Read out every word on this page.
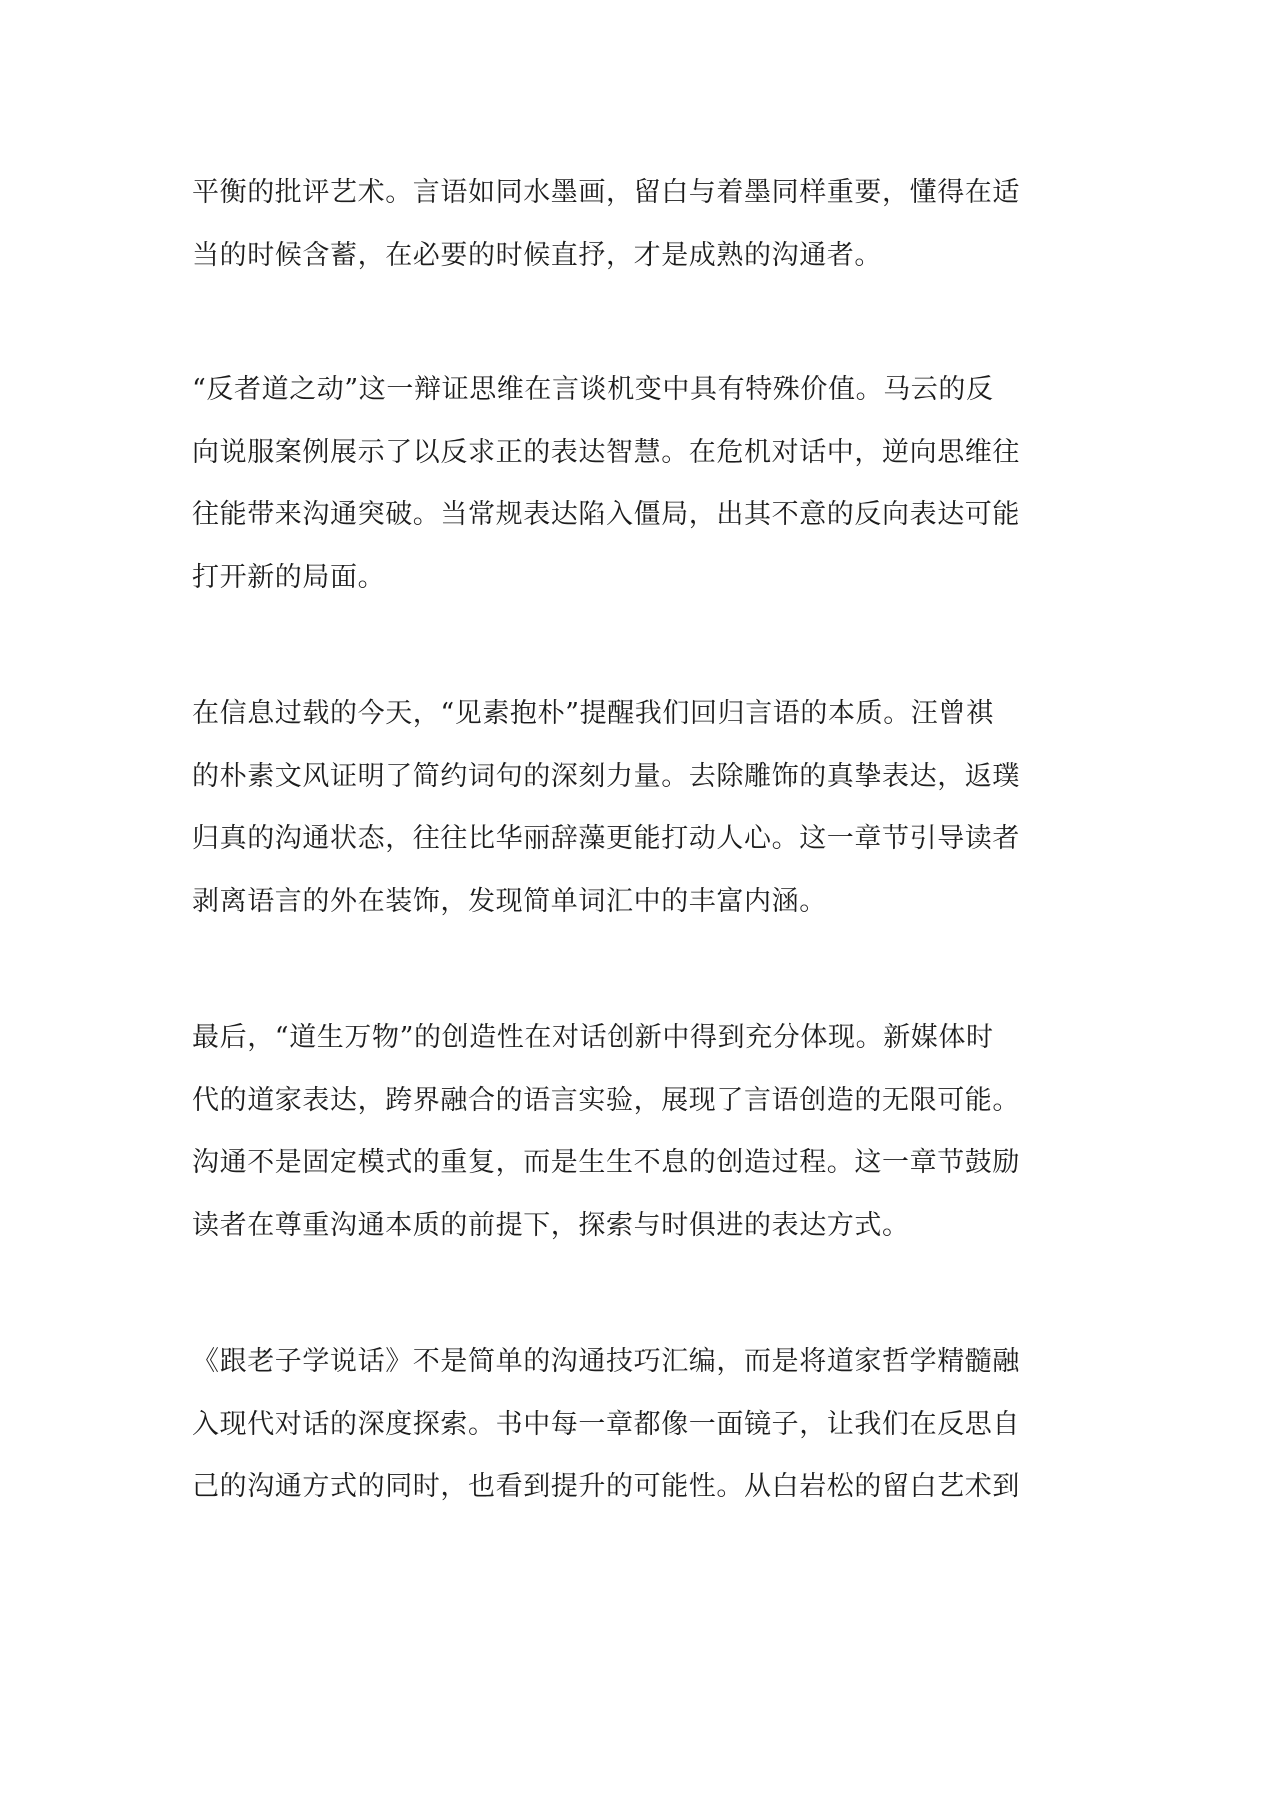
平衡的批评艺术。言语如同水墨画，留白与着墨同样重要，懂得在适
当的时候含蓄，在必要的时候直抒，才是成熟的沟通者。

“反者道之动”这一辩证思维在言谈机变中具有特殊价值。马云的反
向说服案例展示了以反求正的表达智慧。在危机对话中，逆向思维往
往能带来沟通突破。当常规表达陷入僵局，出其不意的反向表达可能
打开新的局面。

在信息过载的今天，“见素抱朴”提醒我们回归言语的本质。汪曾祺
的朴素文风证明了简约词句的深刻力量。去除雕饰的真挚表达，返璞
归真的沟通状态，往往比华丽辞藻更能打动人心。这一章节引导读者
剥离语言的外在装饰，发现简单词汇中的丰富内涵。

最后，“道生万物”的创造性在对话创新中得到充分体现。新媒体时
代的道家表达，跨界融合的语言实验，展现了言语创造的无限可能。
沟通不是固定模式的重复，而是生生不息的创造过程。这一章节鼓励
读者在尊重沟通本质的前提下，探索与时俱进的表达方式。

《跟老子学说话》不是简单的沟通技巧汇编，而是将道家哲学精髓融
入现代对话的深度探索。书中每一章都像一面镜子，让我们在反思自
己的沟通方式的同时，也看到提升的可能性。从白岩松的留白艺术到
